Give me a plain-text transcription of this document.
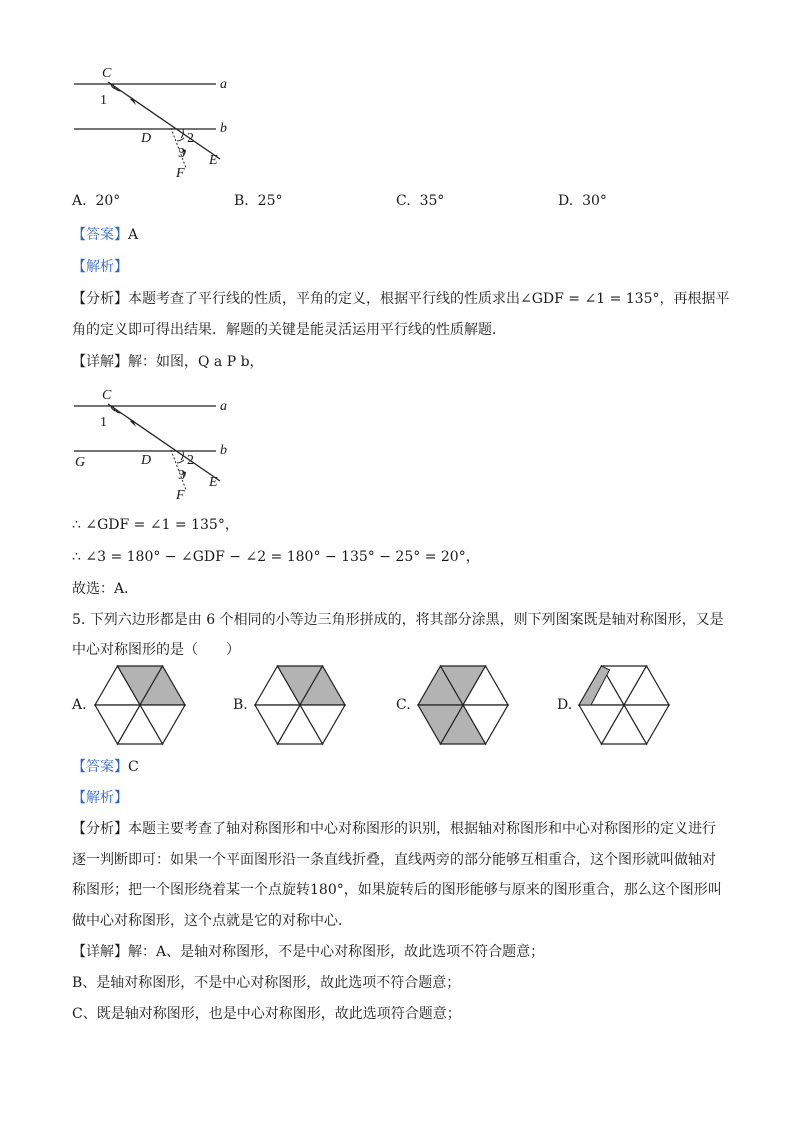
C
a
b
D
E
F
1
2
3
A. 20°	B. 25°	C. 35°	D. 30°
【答案】A
【解析】
【分析】本题考查了平行线的性质，平角的定义，根据平行线的性质求出∠GDF = ∠1 = 135°，再根据平
角的定义即可得出结果．解题的关键是能灵活运用平行线的性质解题．
【详解】解：如图，Q a P b，
C
a
b
G	D
E
F
1
2
3
∴ ∠GDF = ∠1 = 135°，
∴ ∠3 = 180° − ∠GDF − ∠2 = 180° − 135° − 25° = 20°，
故选：A．
5. 下列六边形都是由 6 个相同的小等边三角形拼成的，将其部分涂黑，则下列图案既是轴对称图形，又是
中心对称图形的是（　　）
A.	B.	C.	D.
【答案】C
【解析】
【分析】本题主要考查了轴对称图形和中心对称图形的识别，根据轴对称图形和中心对称图形的定义进行
逐一判断即可：如果一个平面图形沿一条直线折叠，直线两旁的部分能够互相重合，这个图形就叫做轴对
称图形；把一个图形绕着某一个点旋转180°，如果旋转后的图形能够与原来的图形重合，那么这个图形叫
做中心对称图形，这个点就是它的对称中心．
【详解】解：A、是轴对称图形，不是中心对称图形，故此选项不符合题意；
B、是轴对称图形，不是中心对称图形，故此选项不符合题意；
C、既是轴对称图形，也是中心对称图形，故此选项符合题意；
